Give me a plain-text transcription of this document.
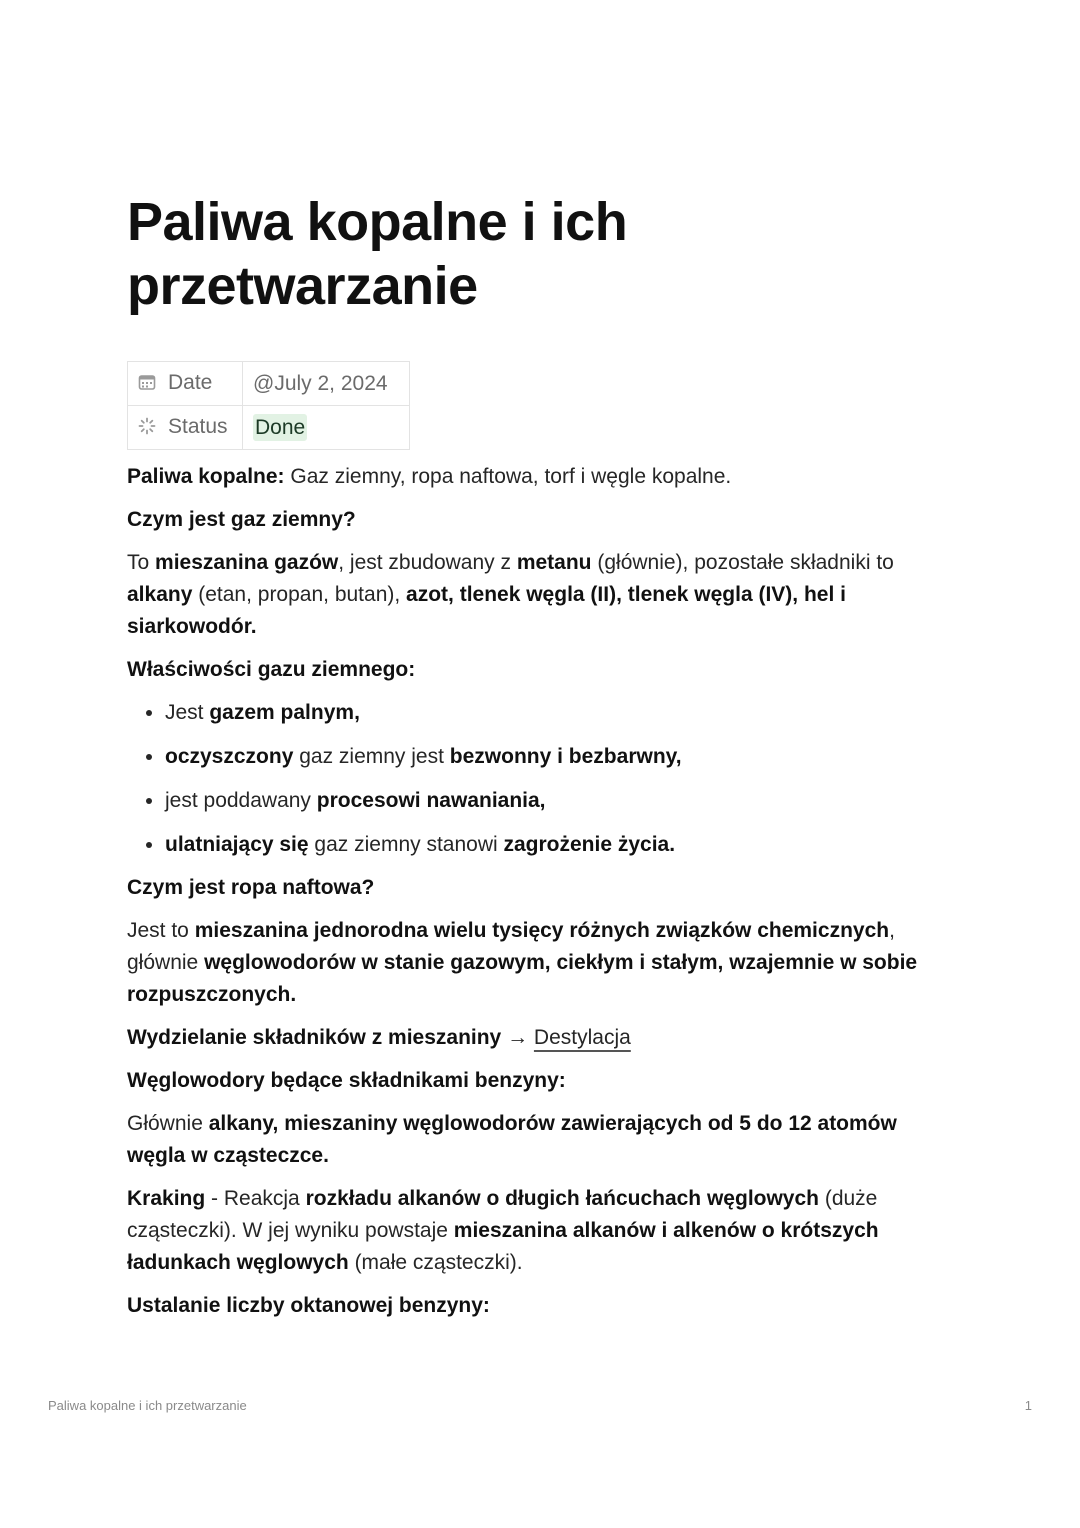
Paliwa kopalne i ich przetwarzanie
Date	@July 2, 2024
Status	Done

Paliwa kopalne: Gaz ziemny, ropa naftowa, torf i węgle kopalne.

Czym jest gaz ziemny?

To mieszanina gazów, jest zbudowany z metanu (głównie), pozostałe składniki to alkany (etan, propan, butan), azot, tlenek węgla (II), tlenek węgla (IV), hel i siarkowodór.

Właściwości gazu ziemnego:

• Jest gazem palnym,
• oczyszczony gaz ziemny jest bezwonny i bezbarwny,
• jest poddawany procesowi nawaniania,
• ulatniający się gaz ziemny stanowi zagrożenie życia.

Czym jest ropa naftowa?

Jest to mieszanina jednorodna wielu tysięcy różnych związków chemicznych, głównie węglowodorów w stanie gazowym, ciekłym i stałym, wzajemnie w sobie rozpuszczonych.

Wydzielanie składników z mieszaniny → Destylacja

Węglowodory będące składnikami benzyny:

Głównie alkany, mieszaniny węglowodorów zawierających od 5 do 12 atomów węgla w cząsteczce.

Kraking - Reakcja rozkładu alkanów o długich łańcuchach węglowych (duże cząsteczki). W jej wyniku powstaje mieszanina alkanów i alkenów o krótszych ładunkach węglowych (małe cząsteczki).

Ustalanie liczby oktanowej benzyny:

Paliwa kopalne i ich przetwarzanie	1
